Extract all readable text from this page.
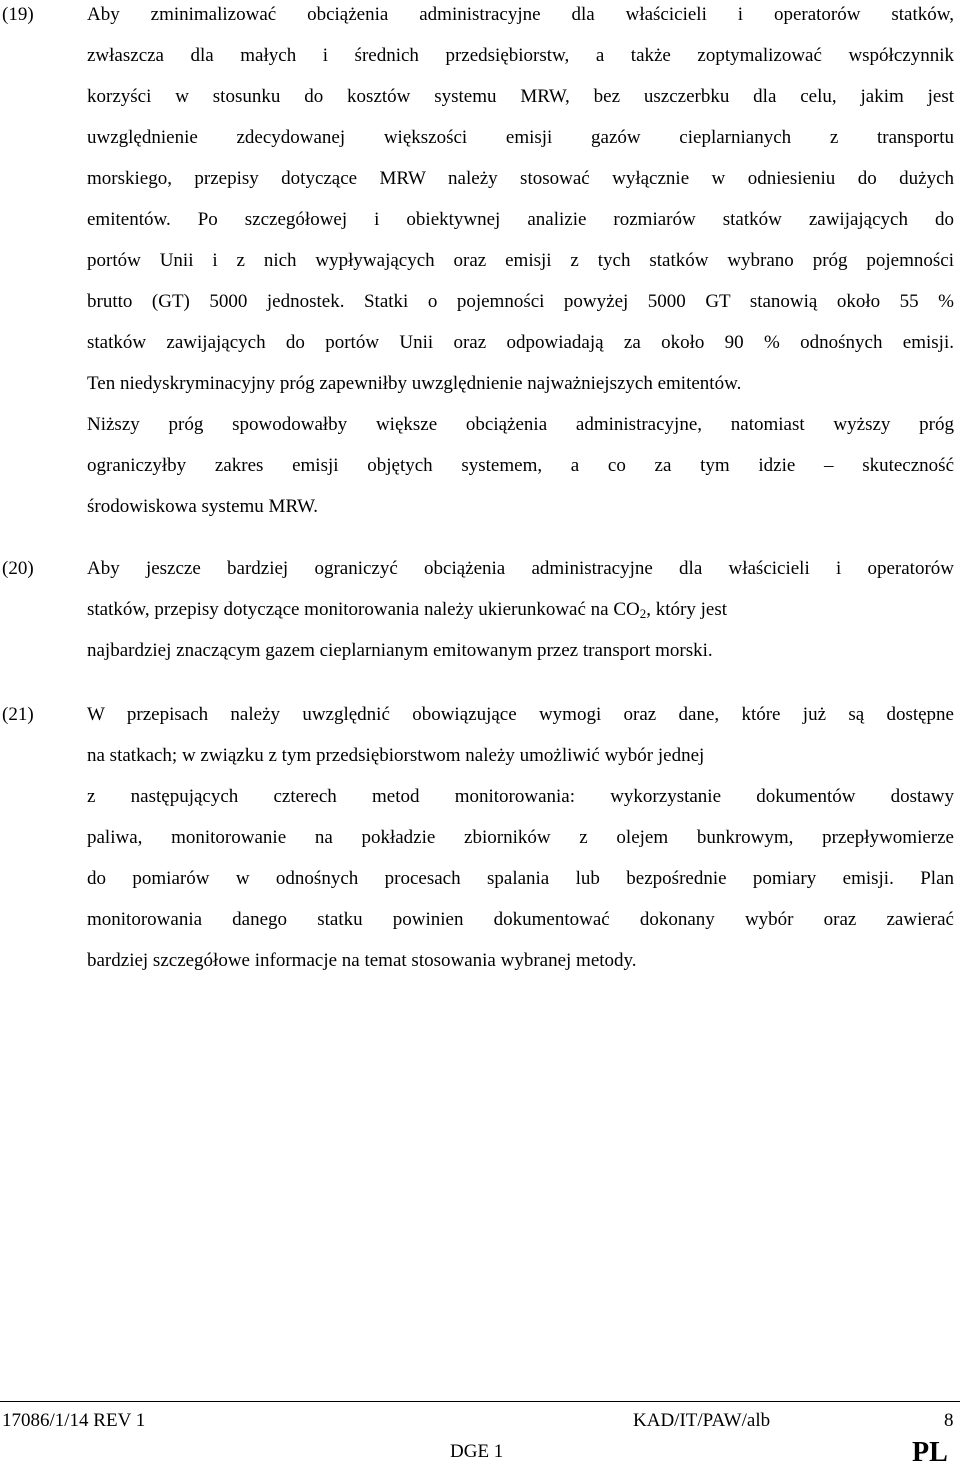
(19)	Aby zminimalizować obciążenia administracyjne dla właścicieli i operatorów statków,
zwłaszcza dla małych i średnich przedsiębiorstw, a także zoptymalizować współczynnik
korzyści w stosunku do kosztów systemu MRW, bez uszczerbku dla celu, jakim jest
uwzględnienie zdecydowanej większości emisji gazów cieplarnianych z transportu
morskiego, przepisy dotyczące MRW należy stosować wyłącznie w odniesieniu do dużych
emitentów. Po szczegółowej i obiektywnej analizie rozmiarów statków zawijających do
portów Unii i z nich wypływających oraz emisji z tych statków wybrano próg pojemności
brutto (GT) 5000 jednostek. Statki o pojemności powyżej 5000 GT stanowią około 55 %
statków zawijających do portów Unii oraz odpowiadają za około 90 % odnośnych emisji.
Ten niedyskryminacyjny próg zapewniłby uwzględnienie najważniejszych emitentów.
Niższy próg spowodowałby większe obciążenia administracyjne, natomiast wyższy próg
ograniczyłby zakres emisji objętych systemem, a co za tym idzie – skuteczność
środowiskowa systemu MRW.
(20)	Aby jeszcze bardziej ograniczyć obciążenia administracyjne dla właścicieli i operatorów
statków, przepisy dotyczące monitorowania należy ukierunkować na $CO_2$, który jest
najbardziej znaczącym gazem cieplarnianym emitowanym przez transport morski.
(21)	W przepisach należy uwzględnić obowiązujące wymogi oraz dane, które już są dostępne
na statkach; w związku z tym przedsiębiorstwom należy umożliwić wybór jednej
z następujących czterech metod monitorowania: wykorzystanie dokumentów dostawy
paliwa, monitorowanie na pokładzie zbiorników z olejem bunkrowym, przepływomierze
do pomiarów w odnośnych procesach spalania lub bezpośrednie pomiary emisji. Plan
monitorowania danego statku powinien dokumentować dokonany wybór oraz zawierać
bardziej szczegółowe informacje na temat stosowania wybranej metody.
17086/1/14 REV 1
DGE 1
KAD/IT/PAW/alb	8
PL
